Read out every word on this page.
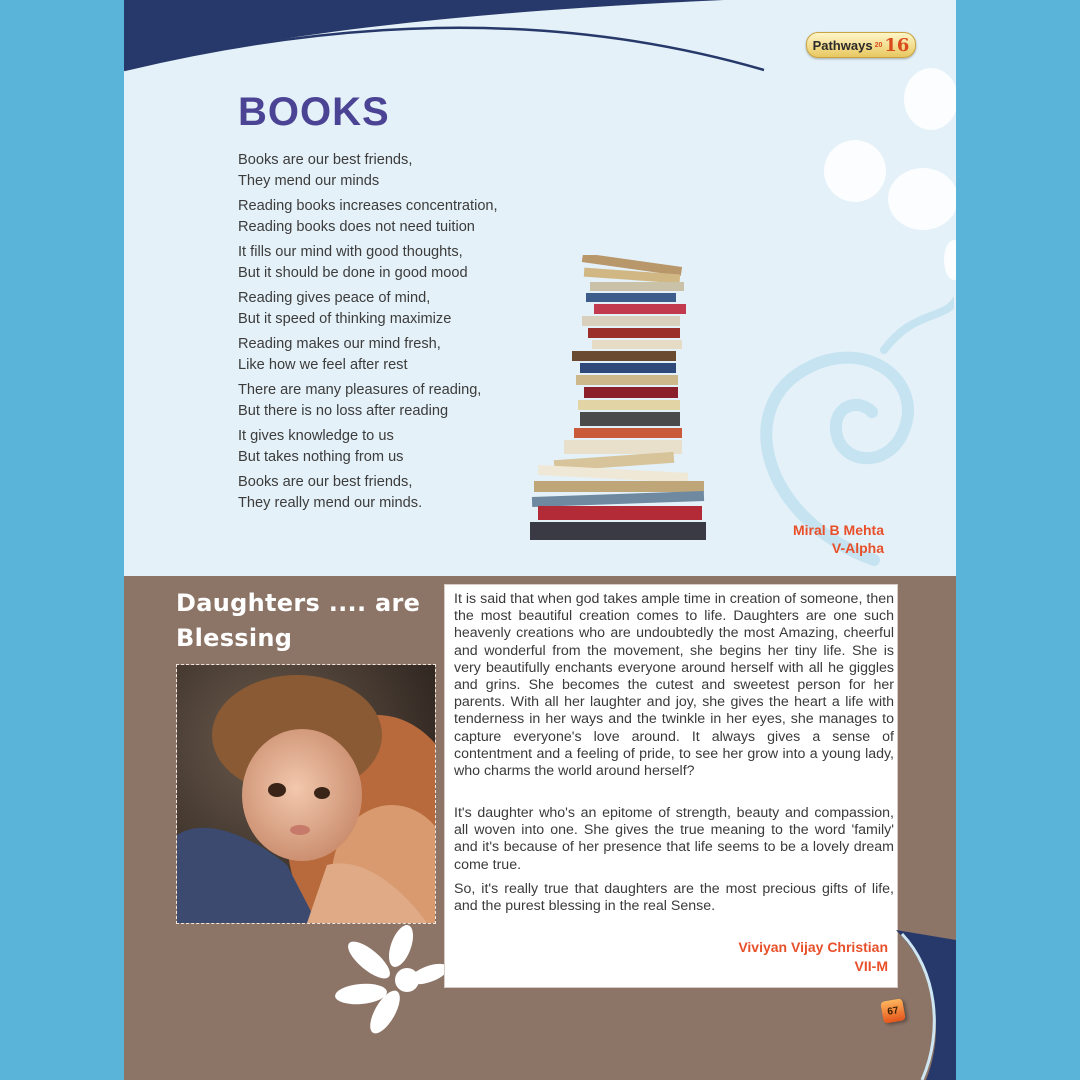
Pathways 20 16
BOOKS
Books are our best friends,
They mend our minds
Reading books increases concentration,
Reading books does not need tuition
It fills our mind with good thoughts,
But it should be done in good mood
Reading gives peace of mind,
But it speed of thinking maximize
Reading makes our mind fresh,
Like how we feel after rest
There are many pleasures of reading,
But there is no loss after reading
It gives knowledge to us
But takes nothing from us
Books are our best friends,
They really mend our minds.
Miral B Mehta
V-Alpha
Daughters .... are
Blessing

It is said that when god takes ample time in creation of someone, then the most beautiful creation comes to life. Daughters are one such heavenly creations who are undoubtedly the most Amazing, cheerful and wonderful from the movement, she begins her tiny life. She is very beautifully enchants everyone around herself with all he giggles and grins. She becomes the cutest and sweetest person for her parents. With all her laughter and joy, she gives the heart a life with tenderness in her ways and the twinkle in her eyes, she manages to capture everyone's love around. It always gives a sense of contentment and a feeling of pride, to see her grow into a young lady, who charms the world around herself?

It's daughter who's an epitome of strength, beauty and compassion, all woven into one. She gives the true meaning to the word 'family' and it's because of her presence that life seems to be a lovely dream come true.

So, it's really true that daughters are the most precious gifts of life, and the purest blessing in the real Sense.

Viviyan Vijay Christian
VII-M
67
